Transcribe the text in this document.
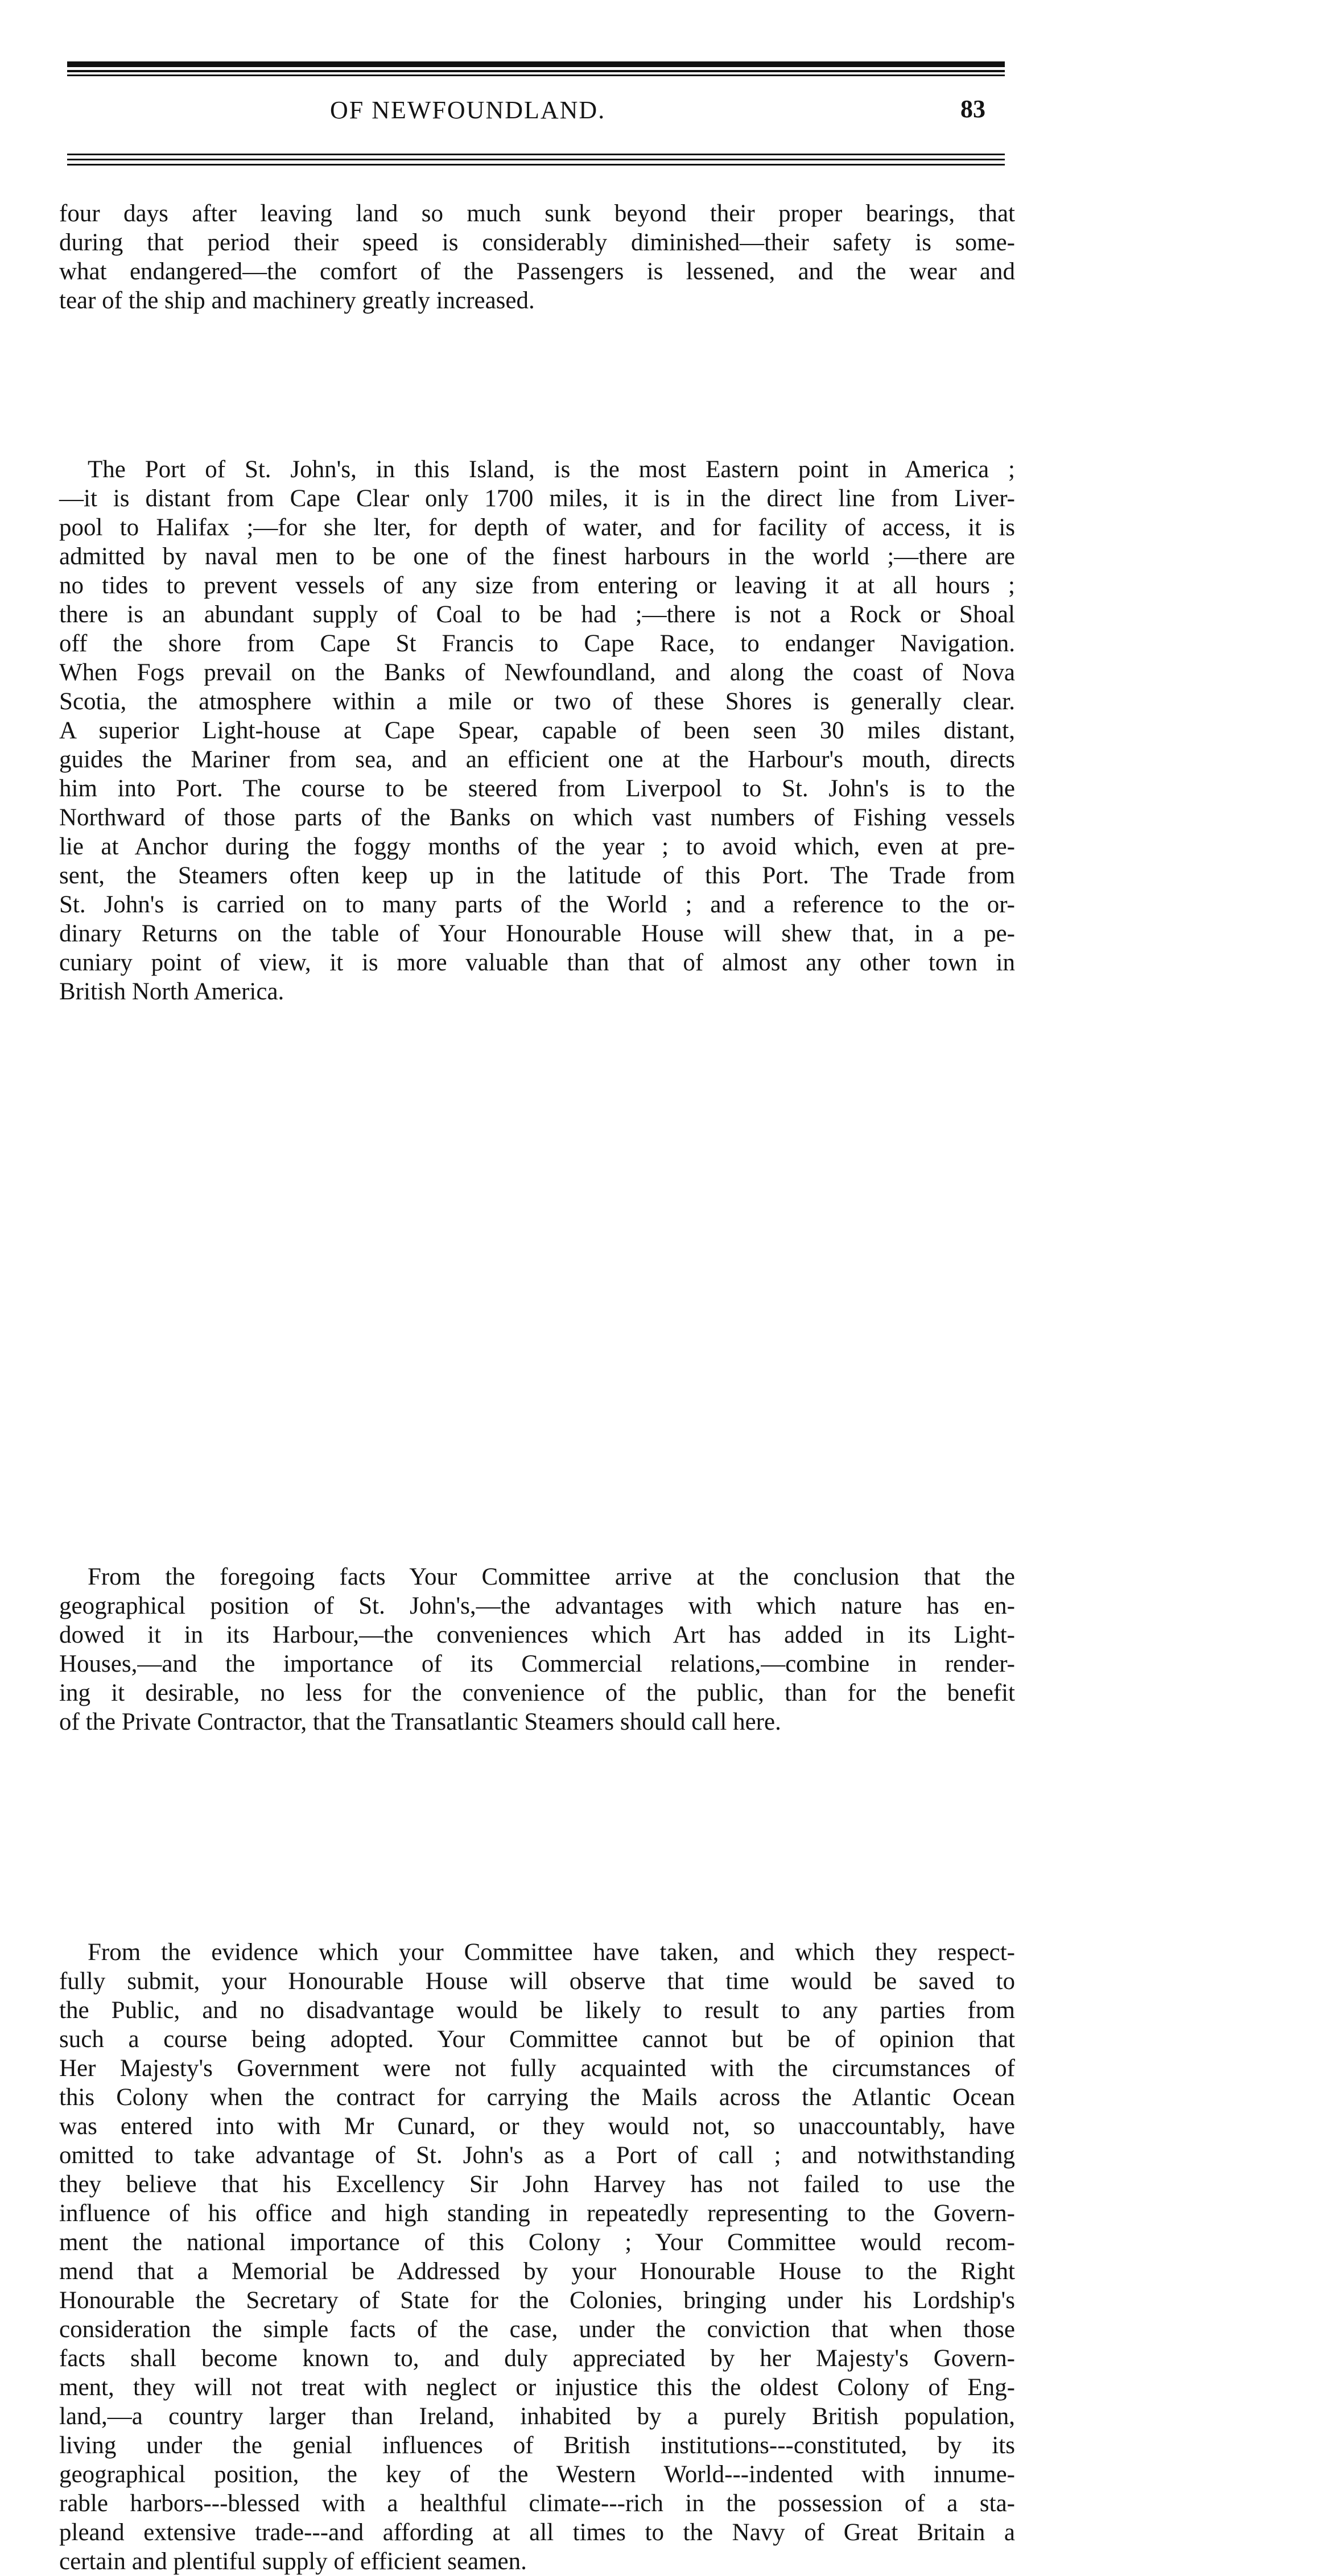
OF NEWFOUNDLAND.	83
four days after leaving land so much sunk beyond their proper bearings, that
during that period their speed is considerably diminished—their safety is some-
what endangered—the comfort of the Passengers is lessened, and the wear and
tear of the ship and machinery greatly increased.
The Port of St. John's, in this Island, is the most Eastern point in America ;
—it is distant from Cape Clear only 1700 miles, it is in the direct line from Liver-
pool to Halifax ;—for she lter, for depth of water, and for facility of access, it is
admitted by naval men to be one of the finest harbours in the world ;—there are
no tides to prevent vessels of any size from entering or leaving it at all hours ;
there is an abundant supply of Coal to be had ;—there is not a Rock or Shoal
off the shore from Cape St Francis to Cape Race, to endanger Navigation.
When Fogs prevail on the Banks of Newfoundland, and along the coast of Nova
Scotia, the atmosphere within a mile or two of these Shores is generally clear.
A superior Light-house at Cape Spear, capable of been seen 30 miles distant,
guides the Mariner from sea, and an efficient one at the Harbour's mouth, directs
him into Port. The course to be steered from Liverpool to St. John's is to the
Northward of those parts of the Banks on which vast numbers of Fishing vessels
lie at Anchor during the foggy months of the year ; to avoid which, even at pre-
sent, the Steamers often keep up in the latitude of this Port. The Trade from
St. John's is carried on to many parts of the World ; and a reference to the or-
dinary Returns on the table of Your Honourable House will shew that, in a pe-
cuniary point of view, it is more valuable than that of almost any other town in
British North America.
From the foregoing facts Your Committee arrive at the conclusion that the
geographical position of St. John's,—the advantages with which nature has en-
dowed it in its Harbour,—the conveniences which Art has added in its Light-
Houses,—and the importance of its Commercial relations,—combine in render-
ing it desirable, no less for the convenience of the public, than for the benefit
of the Private Contractor, that the Transatlantic Steamers should call here.
From the evidence which your Committee have taken, and which they respect-
fully submit, your Honourable House will observe that time would be saved to
the Public, and no disadvantage would be likely to result to any parties from
such a course being adopted. Your Committee cannot but be of opinion that
Her Majesty's Government were not fully acquainted with the circumstances of
this Colony when the contract for carrying the Mails across the Atlantic Ocean
was entered into with Mr Cunard, or they would not, so unaccountably, have
omitted to take advantage of St. John's as a Port of call ; and notwithstanding
they believe that his Excellency Sir John Harvey has not failed to use the
influence of his office and high standing in repeatedly representing to the Govern-
ment the national importance of this Colony ; Your Committee would recom-
mend that a Memorial be Addressed by your Honourable House to the Right
Honourable the Secretary of State for the Colonies, bringing under his Lordship's
consideration the simple facts of the case, under the conviction that when those
facts shall become known to, and duly appreciated by her Majesty's Govern-
ment, they will not treat with neglect or injustice this the oldest Colony of Eng-
land,—a country larger than Ireland, inhabited by a purely British population,
living under the genial influences of British institutions---constituted, by its
geographical position, the key of the Western World---indented with innume-
rable harbors---blessed with a healthful climate---rich in the possession of a sta-
pleand extensive trade---and affording at all times to the Navy of Great Britain a
certain and plentiful supply of efficient seamen.
